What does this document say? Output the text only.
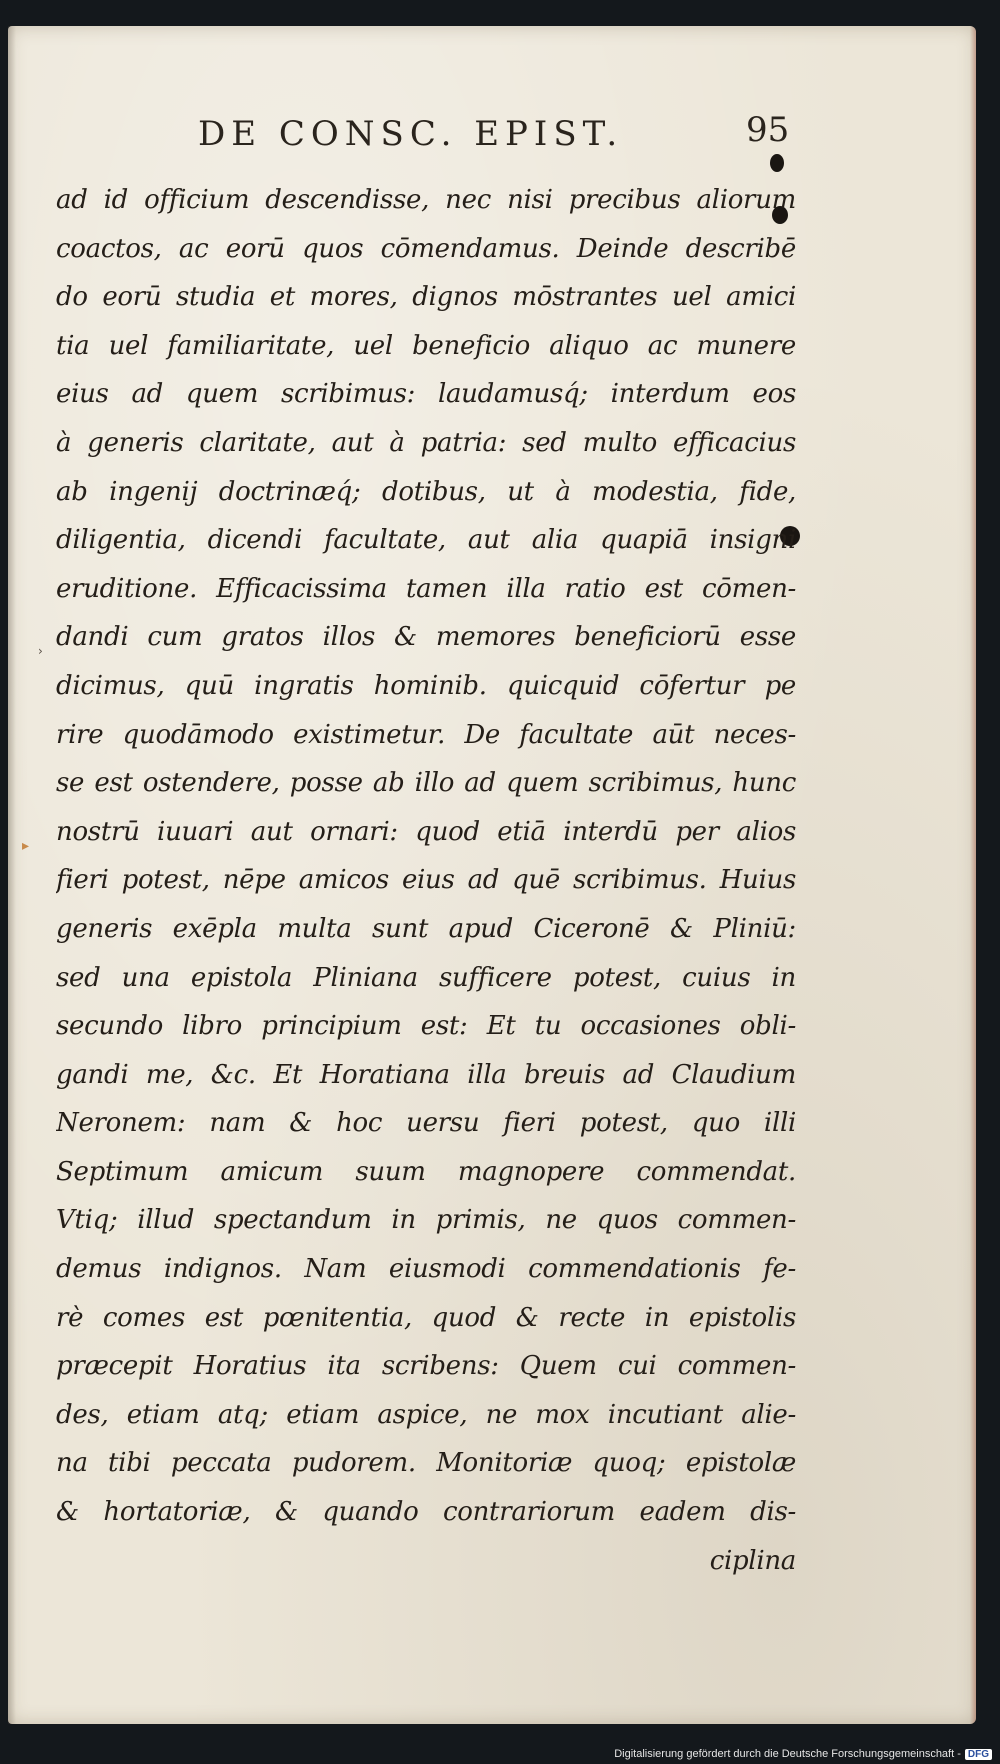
DE CONSC. EPIST.	95
▸
›
ad id officium descendisse, nec nisi precibus aliorum
coactos, ac eorū quos cōmendamus. Deinde describē
do eorū studia et mores, dignos mōstrantes uel amici
tia uel familiaritate, uel beneficio aliquo ac munere
eius ad quem scribimus: laudamusq́; interdum eos
à generis claritate, aut à patria: sed multo efficacius
ab ingenij doctrinæq́; dotibus, ut à modestia, fide,
diligentia, dicendi facultate, aut alia quapiā insigni
eruditione. Efficacissima tamen illa ratio est cōmen-
dandi cum gratos illos & memores beneficiorū esse
dicimus, quū ingratis hominib. quicquid cōfertur pe
rire quodāmodo existimetur. De facultate aūt neces-
se est ostendere, posse ab illo ad quem scribimus, hunc
nostrū iuuari aut ornari: quod etiā interdū per alios
fieri potest, nēpe amicos eius ad quē scribimus. Huius
generis exēpla multa sunt apud Ciceronē & Pliniū:
sed una epistola Pliniana sufficere potest, cuius in
secundo libro principium est: Et tu occasiones obli-
gandi me, &c. Et Horatiana illa breuis ad Claudium
Neronem: nam & hoc uersu fieri potest, quo illi
Septimum amicum suum magnopere commendat.
Vtiq; illud spectandum in primis, ne quos commen-
demus indignos. Nam eiusmodi commendationis fe-
rè comes est pœnitentia, quod & recte in epistolis
præcepit Horatius ita scribens: Quem cui commen-
des, etiam atq; etiam aspice, ne mox incutiant alie-
na tibi peccata pudorem. Monitoriæ quoq; epistolæ
& hortatoriæ, & quando contrariorum eadem dis-
ciplina
Digitalisierung gefördert durch die Deutsche Forschungsgemeinschaft - DFG
